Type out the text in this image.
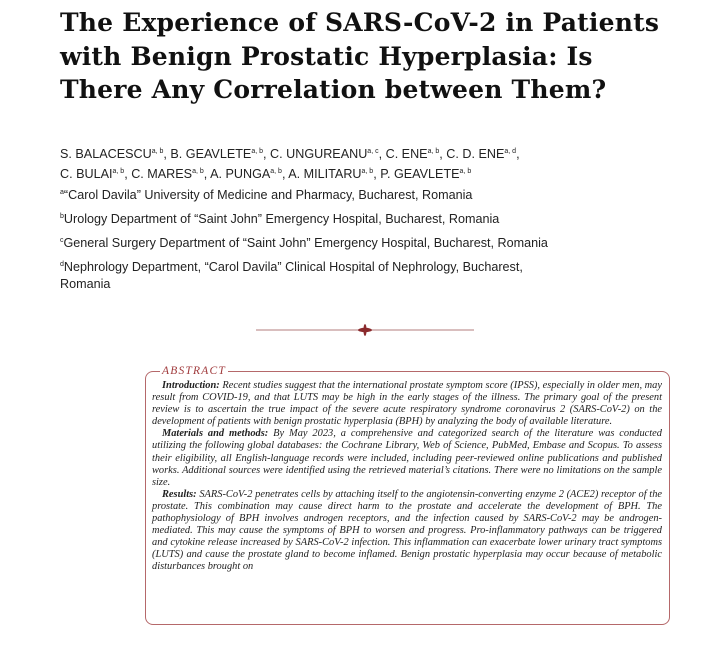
The Experience of SARS-CoV-2 in Patients with Benign Prostatic Hyperplasia: Is There Any Correlation between Them?
S. BALACESCU$^{a, b}$, B. GEAVLETE$^{a, b}$, C. UNGUREANU$^{a, c}$, C. ENE$^{a, b}$, C. D. ENE$^{a, d}$,
C. BULAI$^{a, b}$, C. MARES$^{a, b}$, A. PUNGA$^{a, b}$, A. MILITARU$^{a, b}$, P. GEAVLETE$^{a, b}$
$^a$“Carol Davila” University of Medicine and Pharmacy, Bucharest, Romania
$^b$Urology Department of “Saint John” Emergency Hospital, Bucharest, Romania
$^c$General Surgery Department of “Saint John” Emergency Hospital, Bucharest, Romania
$^d$Nephrology Department, “Carol Davila” Clinical Hospital of Nephrology, Bucharest, Romania

Introduction: Recent studies suggest that the international prostate symptom score (IPSS), especially in older men, may result from COVID-19, and that LUTS may be high in the early stages of the illness. The primary goal of the present review is to ascertain the true impact of the severe acute respiratory syndrome coronavirus 2 (SARS-CoV-2) on the development of patients with benign prostatic hyperplasia (BPH) by analyzing the body of available literature.

Materials and methods: By May 2023, a comprehensive and categorized search of the literature was conducted utilizing the following global databases: the Cochrane Library, Web of Science, PubMed, Embase and Scopus. To assess their eligibility, all English-language records were included, including peer-reviewed online publications and published works. Additional sources were identified using the retrieved material’s citations. There were no limitations on the sample size.

Results: SARS-CoV-2 penetrates cells by attaching itself to the angiotensin-converting enzyme 2 (ACE2) receptor of the prostate. This combination may cause direct harm to the prostate and accelerate the development of BPH. The pathophysiology of BPH involves androgen receptors, and the infection caused by SARS-CoV-2 may be androgen-mediated. This may cause the symptoms of BPH to worsen and progress. Pro-inflammatory pathways can be triggered and cytokine release increased by SARS-CoV-2 infection. This inflammation can exacerbate lower urinary tract symptoms (LUTS) and cause the prostate gland to become inflamed. Benign prostatic hyperplasia may occur because of metabolic disturbances brought on

ABSTRACT
